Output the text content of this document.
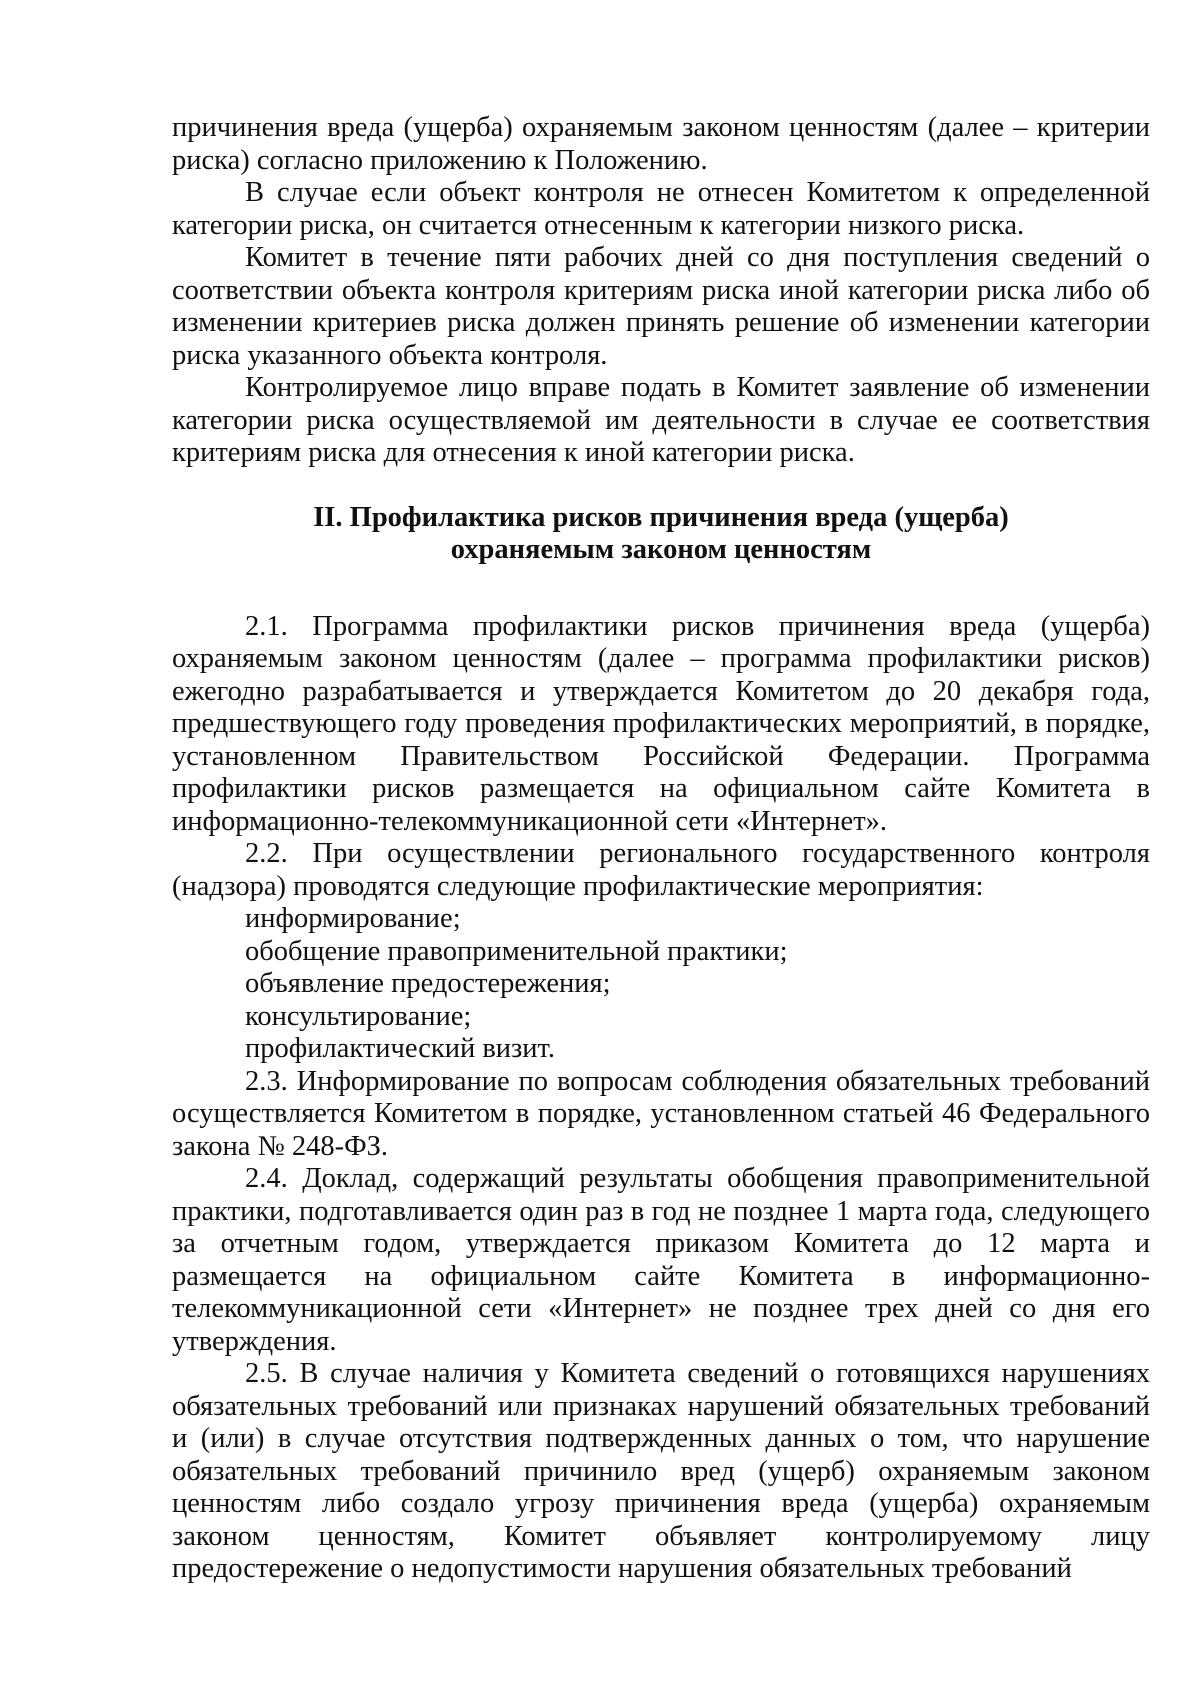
причинения вреда (ущерба) охраняемым законом ценностям (далее – критерии риска) согласно приложению к Положению.

В случае если объект контроля не отнесен Комитетом к определенной категории риска, он считается отнесенным к категории низкого риска.

Комитет в течение пяти рабочих дней со дня поступления сведений о соответствии объекта контроля критериям риска иной категории риска либо об изменении критериев риска должен принять решение об изменении категории риска указанного объекта контроля.

Контролируемое лицо вправе подать в Комитет заявление об изменении категории риска осуществляемой им деятельности в случае ее соответствия критериям риска для отнесения к иной категории риска.

II. Профилактика рисков причинения вреда (ущерба)
охраняемым законом ценностям

2.1. Программа профилактики рисков причинения вреда (ущерба) охраняемым законом ценностям (далее – программа профилактики рисков) ежегодно разрабатывается и утверждается Комитетом до 20 декабря года, предшествующего году проведения профилактических мероприятий, в порядке, установленном Правительством Российской Федерации. Программа профилактики рисков размещается на официальном сайте Комитета в информационно-телекоммуникационной сети «Интернет».

2.2. При осуществлении регионального государственного контроля (надзора) проводятся следующие профилактические мероприятия:

информирование;

обобщение правоприменительной практики;

объявление предостережения;

консультирование;

профилактический визит.

2.3. Информирование по вопросам соблюдения обязательных требований осуществляется Комитетом в порядке, установленном статьей 46 Федерального закона № 248-ФЗ.

2.4. Доклад, содержащий результаты обобщения правоприменительной практики, подготавливается один раз в год не позднее 1 марта года, следующего за отчетным годом, утверждается приказом Комитета до 12 марта и размещается на официальном сайте Комитета в информационно-телекоммуникационной сети «Интернет» не позднее трех дней со дня его утверждения.

2.5. В случае наличия у Комитета сведений о готовящихся нарушениях обязательных требований или признаках нарушений обязательных требований и (или) в случае отсутствия подтвержденных данных о том, что нарушение обязательных требований причинило вред (ущерб) охраняемым законом ценностям либо создало угрозу причинения вреда (ущерба) охраняемым законом ценностям, Комитет объявляет контролируемому лицу предостережение о недопустимости нарушения обязательных требований
